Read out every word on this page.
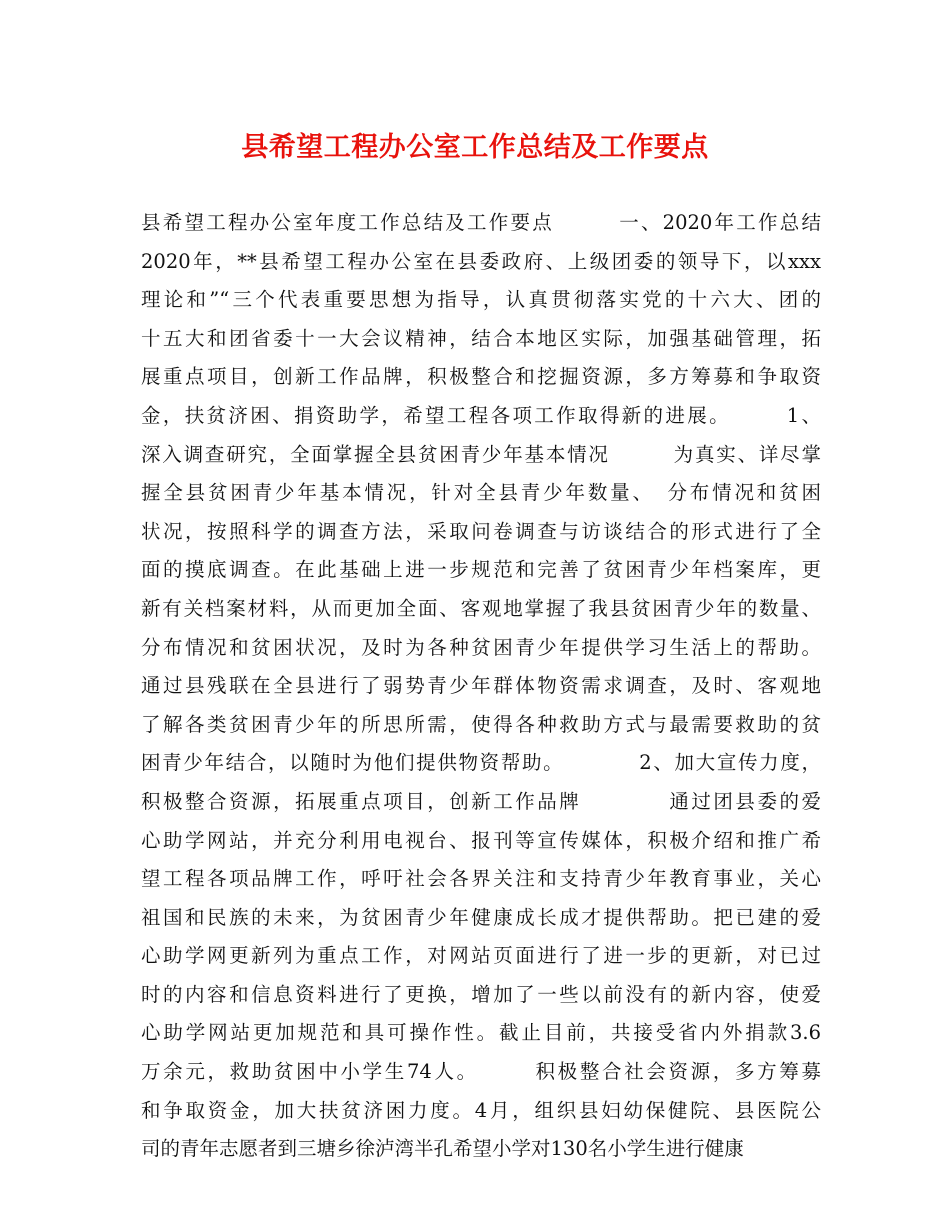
县希望工程办公室工作总结及工作要点
县希望工程办公室年度工作总结及工作要点　　　一、2020年工作总结
2020年，**县希望工程办公室在县委政府、上级团委的领导下，以xxx
理论和”“三个代表重要思想为指导，认真贯彻落实党的十六大、团的
十五大和团省委十一大会议精神，结合本地区实际，加强基础管理，拓
展重点项目，创新工作品牌，积极整合和挖掘资源，多方筹募和争取资
金，扶贫济困、捐资助学，希望工程各项工作取得新的进展。　　　1、
深入调查研究，全面掌握全县贫困青少年基本情况　　　为真实、详尽掌
握全县贫困青少年基本情况，针对全县青少年数量、　分布情况和贫困
状况，按照科学的调查方法，采取问卷调查与访谈结合的形式进行了全
面的摸底调查。在此基础上进一步规范和完善了贫困青少年档案库，更
新有关档案材料，从而更加全面、客观地掌握了我县贫困青少年的数量、
分布情况和贫困状况，及时为各种贫困青少年提供学习生活上的帮助。
通过县残联在全县进行了弱势青少年群体物资需求调查，及时、客观地
了解各类贫困青少年的所思所需，使得各种救助方式与最需要救助的贫
困青少年结合，以随时为他们提供物资帮助。　　　　2、加大宣传力度，
积极整合资源，拓展重点项目，创新工作品牌　　　　通过团县委的爱
心助学网站，并充分利用电视台、报刊等宣传媒体，积极介绍和推广希
望工程各项品牌工作，呼吁社会各界关注和支持青少年教育事业，关心
祖国和民族的未来，为贫困青少年健康成长成才提供帮助。把已建的爱
心助学网更新列为重点工作，对网站页面进行了进一步的更新，对已过
时的内容和信息资料进行了更换，增加了一些以前没有的新内容，使爱
心助学网站更加规范和具可操作性。截止目前，共接受省内外捐款3.6
万余元，救助贫困中小学生74人。　　　积极整合社会资源，多方筹募
和争取资金，加大扶贫济困力度。4月，组织县妇幼保健院、县医院公
司的青年志愿者到三塘乡徐泸湾半孔希望小学对130名小学生进行健康
